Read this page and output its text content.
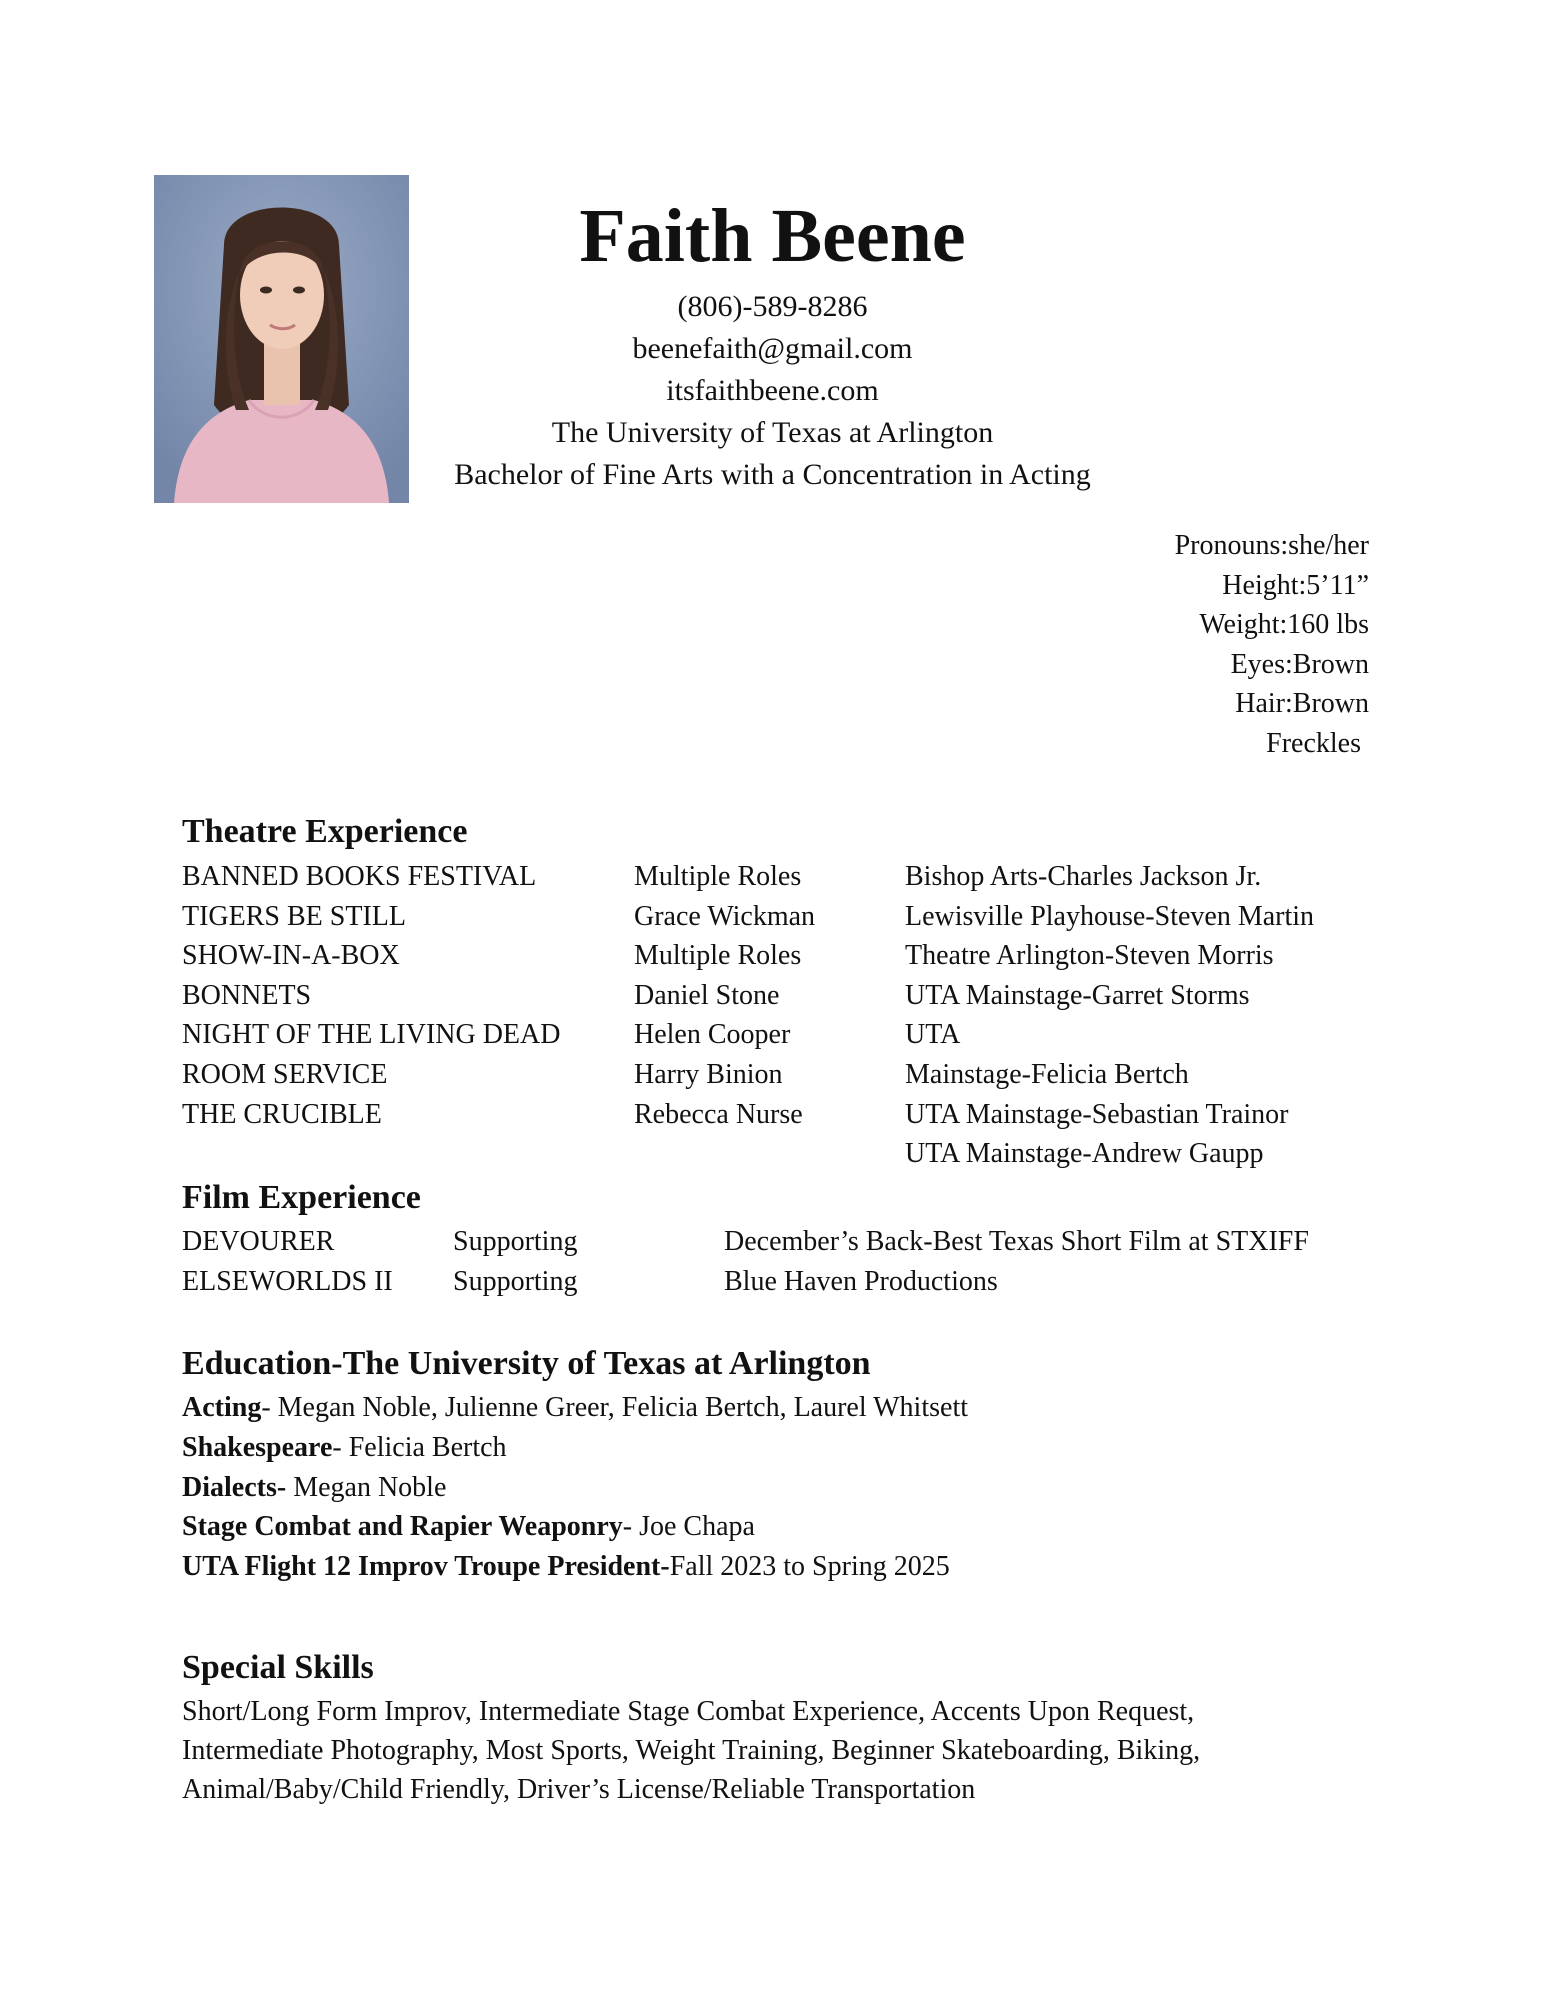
Faith Beene
(806)-589-8286
beenefaith@gmail.com
itsfaithbeene.com
The University of Texas at Arlington
Bachelor of Fine Arts with a Concentration in Acting
Pronouns:she/her
Height:5’11”
Weight:160 lbs
Eyes:Brown
Hair:Brown
Freckles
Theatre Experience
BANNED BOOKS FESTIVAL	Multiple Roles	Bishop Arts-Charles Jackson Jr.
TIGERS BE STILL	Grace Wickman	Lewisville Playhouse-Steven Martin
SHOW-IN-A-BOX	Multiple Roles	Theatre Arlington-Steven Morris
BONNETS	Daniel Stone	UTA Mainstage-Garret Storms
NIGHT OF THE LIVING DEAD	Helen Cooper	UTA
ROOM SERVICE	Harry Binion	Mainstage-Felicia Bertch
THE CRUCIBLE	Rebecca Nurse	UTA Mainstage-Sebastian Trainor
UTA Mainstage-Andrew Gaupp
Film Experience
DEVOURER	Supporting	December’s Back-Best Texas Short Film at STXIFF
ELSEWORLDS II Supporting	Blue Haven Productions
Education-The University of Texas at Arlington
Acting- Megan Noble, Julienne Greer, Felicia Bertch, Laurel Whitsett
Shakespeare- Felicia Bertch
Dialects- Megan Noble
Stage Combat and Rapier Weaponry- Joe Chapa
UTA Flight 12 Improv Troupe President-Fall 2023 to Spring 2025
Special Skills
Short/Long Form Improv, Intermediate Stage Combat Experience, Accents Upon Request,
Intermediate Photography, Most Sports, Weight Training, Beginner Skateboarding, Biking,
Animal/Baby/Child Friendly, Driver’s License/Reliable Transportation
